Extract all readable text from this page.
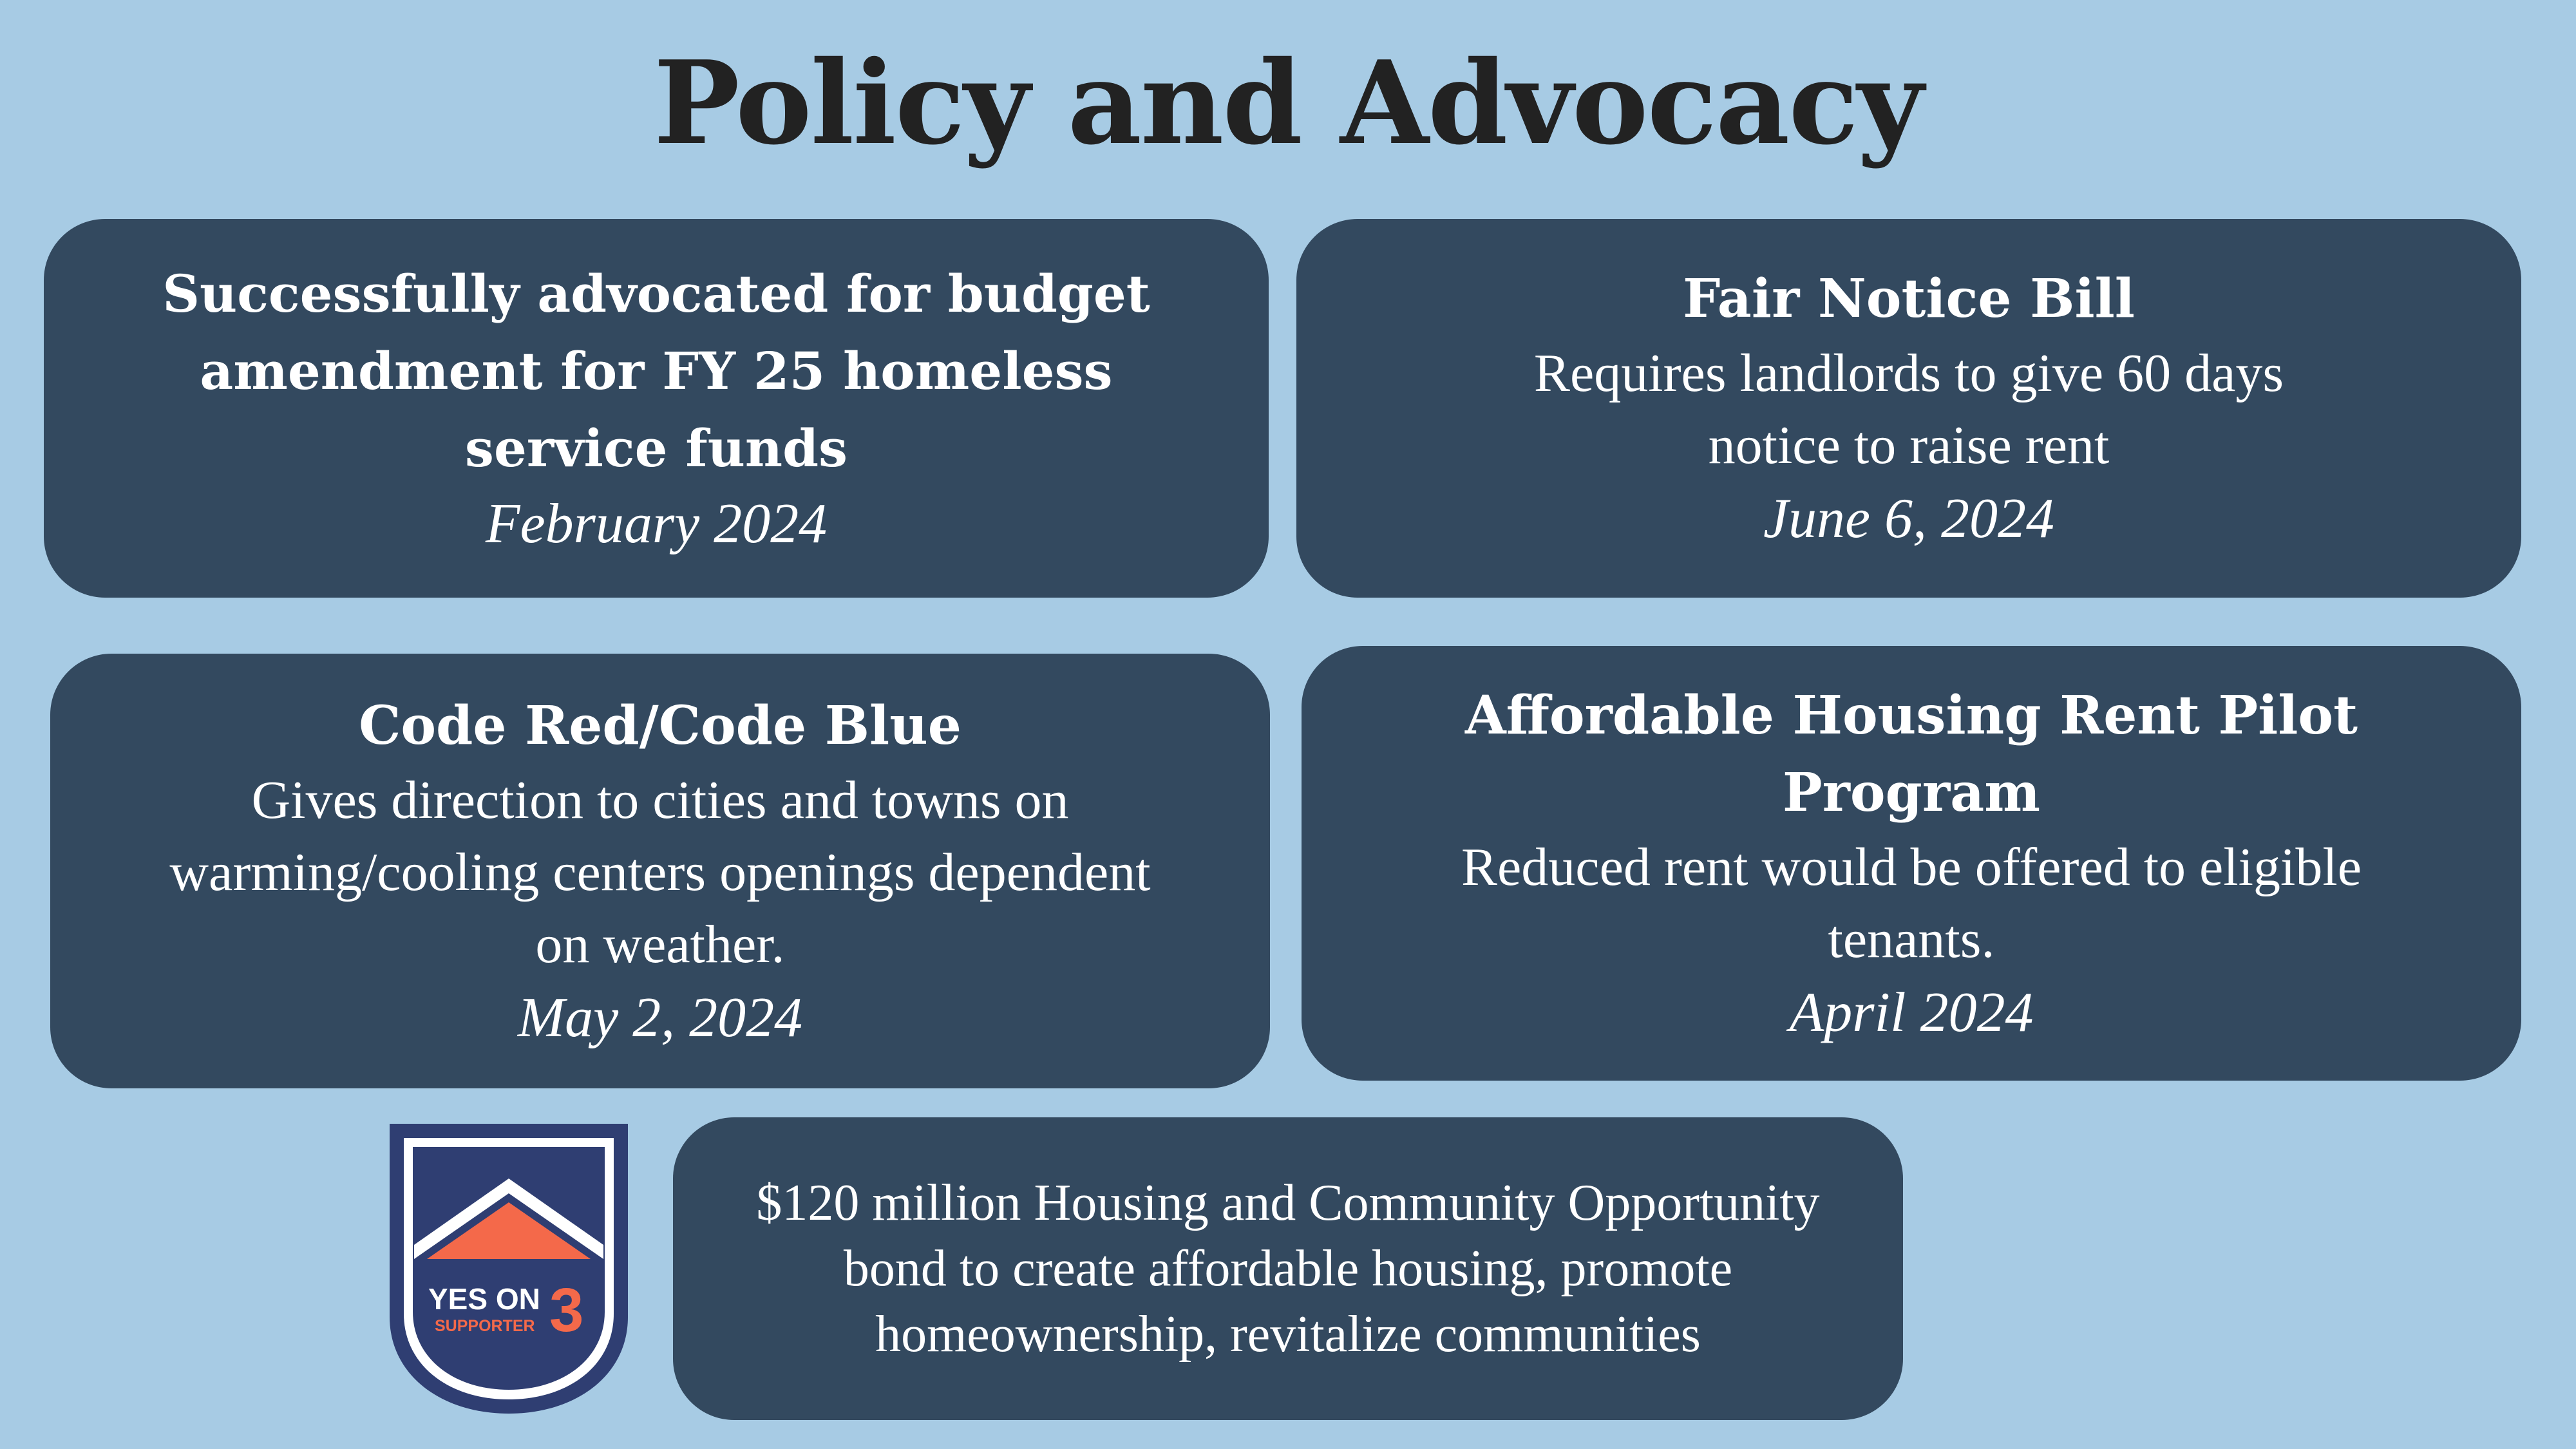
Policy and Advocacy
Successfully advocated for budget
amendment for FY 25 homeless
service funds
February 2024
Fair Notice Bill
Requires landlords to give 60 days
notice to raise rent
June 6, 2024
Code Red/Code Blue
Gives direction to cities and towns on
warming/cooling centers openings dependent
on weather.
May 2, 2024
Affordable Housing Rent Pilot Program
Reduced rent would be offered to eligible
tenants.
April 2024
$120 million Housing and Community Opportunity
bond to create affordable housing, promote
homeownership, revitalize communities
YES ON
SUPPORTER 3
